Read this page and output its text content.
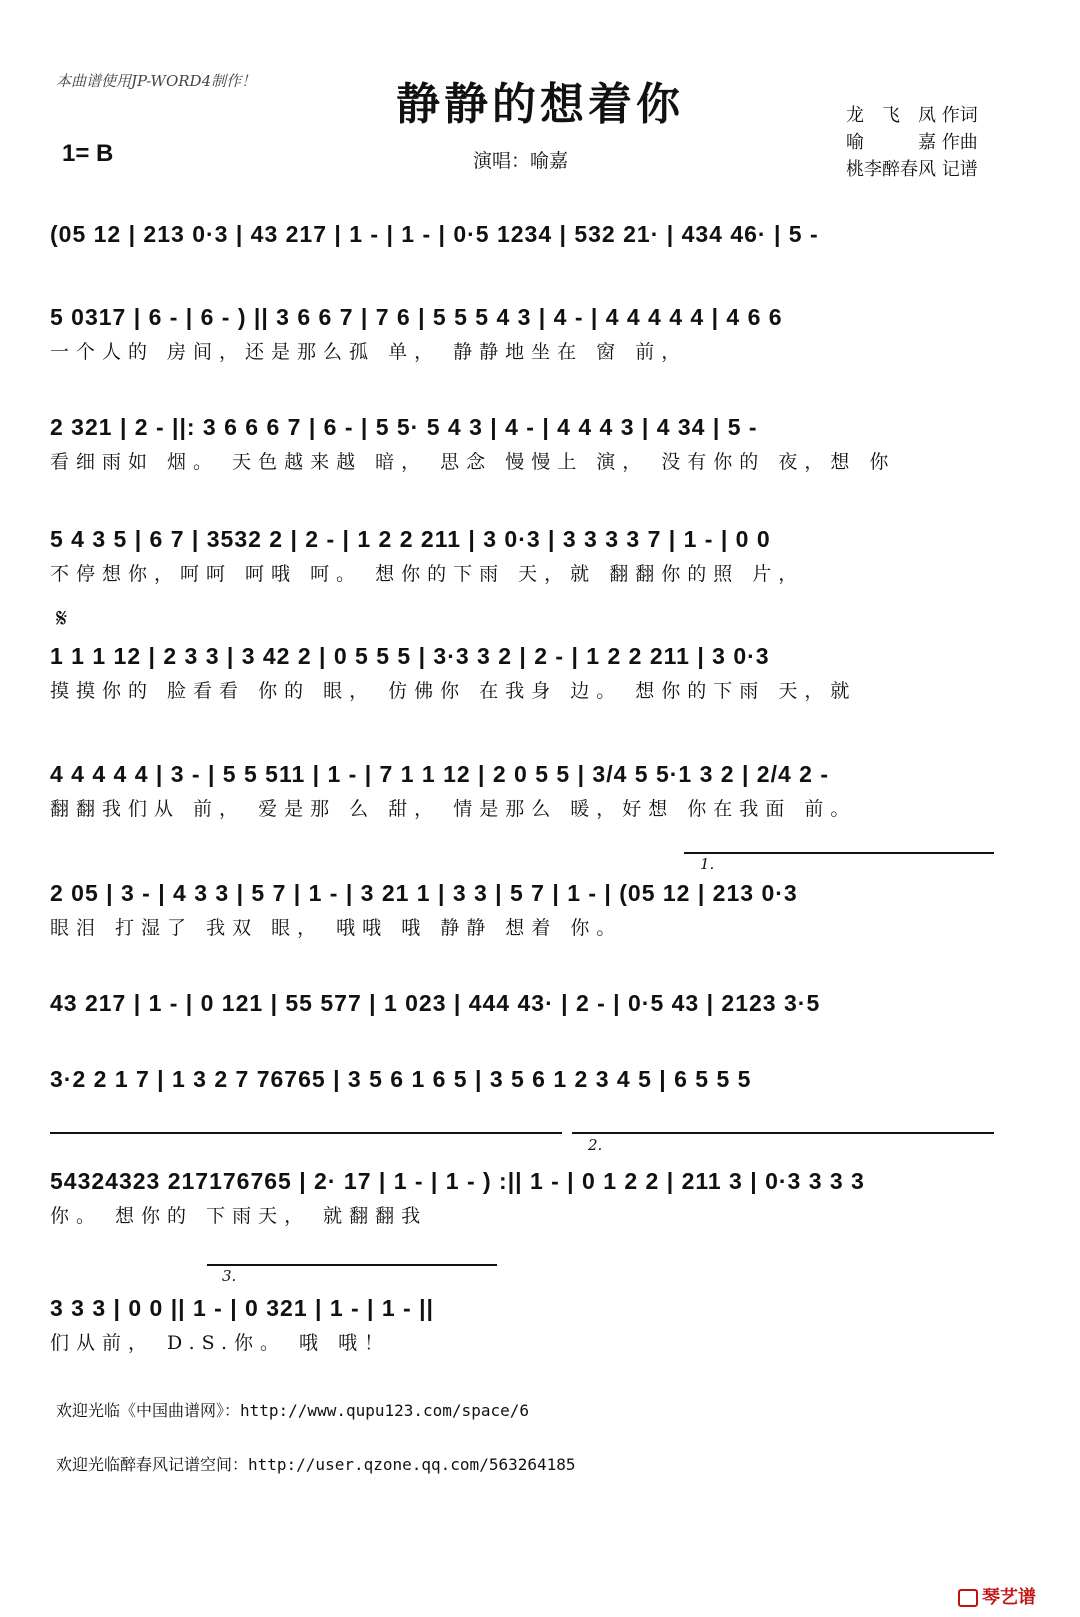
本曲谱使用JP-WORD4制作！	静静的想着你
1= B	演唱：喻嘉
龙　飞　凤 作词
喻　　　嘉 作曲
桃李醉春风 记谱
(05 12 | 213 0·3 | 43 217 | 1 - | 1 - | 0·5 1234 | 532 21· | 434 46· | 5 -
5 0317 | 6 - | 6 - ) || 3 6 6 7 | 7 6 | 5 5 5 4 3 | 4 - | 4 4 4 4 4 | 4 6 6
一个人的 房间，还是那么孤 单， 静静地坐在 窗 前，
2 321 | 2 - ||: 3 6 6 6 7 | 6 - | 5 5· 5 4 3 | 4 - | 4 4 4 3 | 4 34 | 5 -
看细雨如 烟。 天色越来越 暗， 思念 慢慢上 演， 没有你的 夜，想 你
5 4 3 5 | 6 7 | 3532 2 | 2 - | 1 2 2 211 | 3 0·3 | 3 3 3 3 7 | 1 - | 0 0
不停想你，呵呵 呵哦 呵。 想你的下雨 天，就 翻翻你的照 片，
𝄋
1 1 1 12 | 2 3 3 | 3 42 2 | 0 5 5 5 | 3·3 3 2 | 2 - | 1 2 2 211 | 3 0·3
摸摸你的 脸看看 你的 眼， 仿佛你 在我身 边。 想你的下雨 天，就
4 4 4 4 4 | 3 - | 5 5 511 | 1 - | 7 1 1 12 | 2 0 5 5 | 3/4 5 5·1 3 2 | 2/4 2 -
翻翻我们从 前， 爱是那 么 甜， 情是那么 暖，好想 你在我面 前。
1.
2 05 | 3 - | 4 3 3 | 5 7 | 1 - | 3 21 1 | 3 3 | 5 7 | 1 - | (05 12 | 213 0·3
眼泪 打湿了 我双 眼， 哦哦 哦 静静 想着 你。
43 217 | 1 - | 0 121 | 55 577 | 1 023 | 444 43· | 2 - | 0·5 43 | 2123 3·5
3·2 2 1 7 | 1 3 2 7 76765 | 3 5 6 1 6 5 | 3 5 6 1 2 3 4 5 | 6 5 5 5
2.
54324323 217176765 | 2· 17 | 1 - | 1 - ) :|| 1 - | 0 1 2 2 | 211 3 | 0·3 3 3 3
你。 想你的 下雨天， 就翻翻我
3.
3 3 3 | 0 0 || 1 - | 0 321 | 1 - | 1 - ||
们从前， D.S.你。 哦 哦！
欢迎光临《中国曲谱网》：http://www.qupu123.com/space/6
欢迎光临醉春风记谱空间：http://user.qzone.qq.com/563264185
琴艺谱
